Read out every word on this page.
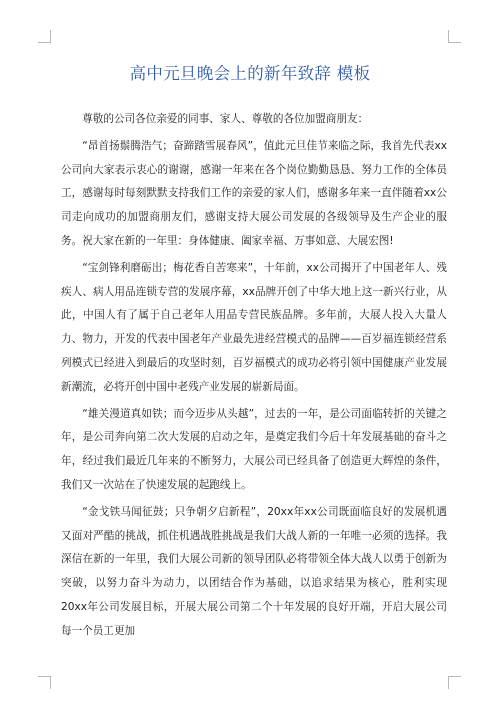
高中元旦晚会上的新年致辞 模板

尊敬的公司各位亲爱的同事、家人、尊敬的各位加盟商朋友：

“昂首扬鬃腾浩气；奋蹄踏雪展春风”，值此元旦佳节来临之际，我首先代表xx公司向大家表示衷心的谢谢，感谢一年来在各个岗位勤勤恳恳、努力工作的全体员工，感谢每时每刻默默支持我们工作的亲爱的家人们，感谢多年来一直伴随着xx公司走向成功的加盟商朋友们，感谢支持大展公司发展的各级领导及生产企业的服务。祝大家在新的一年里：身体健康、阖家幸福、万事如意、大展宏图!

“宝剑锋利磨砺出；梅花香自苦寒来”，十年前，xx公司揭开了中国老年人、残疾人、病人用品连锁专营的发展序幕，xx品牌开创了中华大地上这一新兴行业，从此，中国人有了属于自己老年人用品专营民族品牌。多年前，大展人投入大量人力、物力，开发的代表中国老年产业最先进经营模式的品牌——百岁福连锁经营系列模式已经进入到最后的攻坚时刻，百岁福模式的成功必将引领中国健康产业发展新潮流，必将开创中国中老残产业发展的崭新局面。

“雄关漫道真如铁；而今迈步从头越”，过去的一年，是公司面临转折的关键之年，是公司奔向第二次大发展的启动之年，是奠定我们今后十年发展基础的奋斗之年，经过我们最近几年来的不断努力，大展公司已经具备了创造更大辉煌的条件，我们又一次站在了快速发展的起跑线上。

“金戈铁马闻征鼓；只争朝夕启新程”，20xx年xx公司既面临良好的发展机遇又面对严酷的挑战，抓住机遇战胜挑战是我们大战人新的一年唯一必须的选择。我深信在新的一年里，我们大展公司新的领导团队必将带领全体大战人以勇于创新为突破，以努力奋斗为动力，以团结合作为基础，以追求结果为核心，胜利实现20xx年公司发展目标，开展大展公司第二个十年发展的良好开端，开启大展公司每一个员工更加
